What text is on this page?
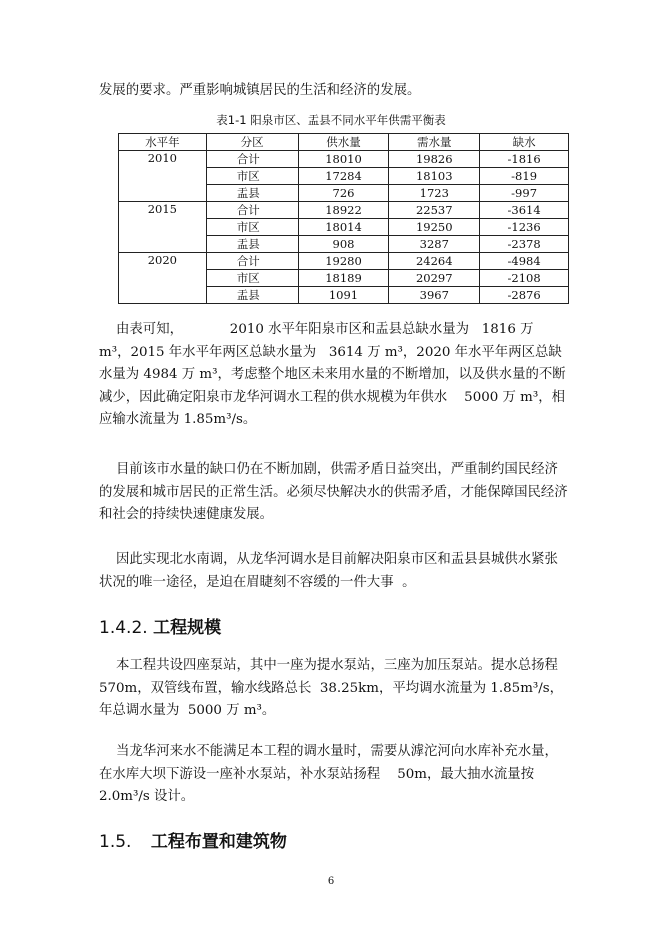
发展的要求。严重影响城镇居民的生活和经济的发展。

表1-1 阳泉市区、盂县不同水平年供需平衡表
水平年	分区	供水量	需水量	缺水
2010	合计	18010	19826	-1816
	市区	17284	18103	-819
	盂县	726	1723	-997
2015	合计	18922	22537	-3614
	市区	18014	19250	-1236
	盂县	908	3287	-2378
2020	合计	19280	24264	-4984
	市区	18189	20297	-2108
	盂县	1091	3967	-2876

由表可知，           2010 水平年阳泉市区和盂县总缺水量为   1816 万 m³，2015 年水平年两区总缺水量为   3614 万 m³，2020 年水平年两区总缺水量为 4984 万 m³，考虑整个地区未来用水量的不断增加，以及供水量的不断减少，因此确定阳泉市龙华河调水工程的供水规模为年供水    5000 万 m³，相应输水流量为 1.85m³/s。

目前该市水量的缺口仍在不断加剧，供需矛盾日益突出，严重制约国民经济的发展和城市居民的正常生活。必须尽快解决水的供需矛盾，才能保障国民经济和社会的持续快速健康发展。

因此实现北水南调，从龙华河调水是目前解决阳泉市区和盂县县城供水紧张状况的唯一途径，是迫在眉睫刻不容缓的一件大事  。

1.4.2. 工程规模

本工程共设四座泵站，其中一座为提水泵站，三座为加压泵站。提水总扬程 570m，双管线布置，输水线路总长  38.25km，平均调水流量为 1.85m³/s，年总调水量为  5000 万 m³。

当龙华河来水不能满足本工程的调水量时，需要从滹沱河向水库补充水量，在水库大坝下游设一座补水泵站，补水泵站扬程    50m，最大抽水流量按 2.0m³/s 设计。

1.5. 工程布置和建筑物
6
